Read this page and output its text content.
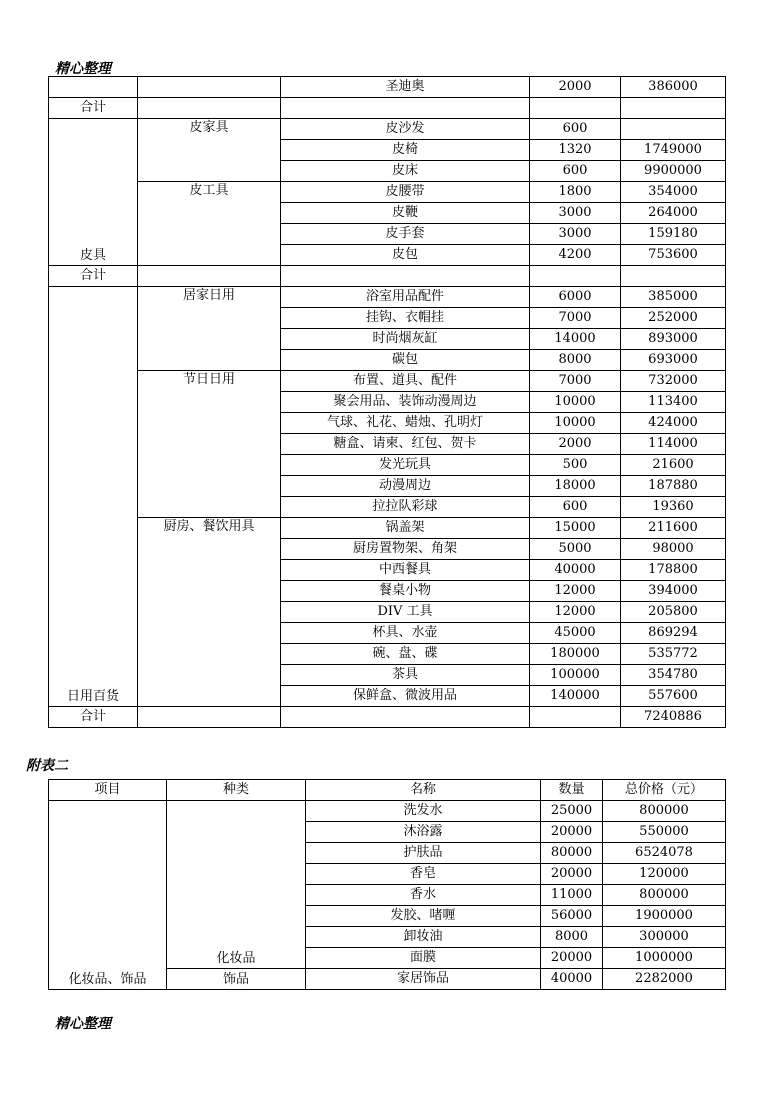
精心整理
		圣迪奥	2000	386000
合计				
皮具	皮家具	皮沙发	600	
		皮椅	1320	1749000
		皮床	600	9900000
	皮工具	皮腰带	1800	354000
		皮鞭	3000	264000
		皮手套	3000	159180
		皮包	4200	753600
合计				
日用百货	居家日用	浴室用品配件	6000	385000
		挂钩、衣帽挂	7000	252000
		时尚烟灰缸	14000	893000
		碳包	8000	693000
	节日日用	布置、道具、配件	7000	732000
		聚会用品、装饰动漫周边	10000	113400
		气球、礼花、蜡烛、孔明灯	10000	424000
		糖盒、请柬、红包、贺卡	2000	114000
		发光玩具	500	21600
		动漫周边	18000	187880
		拉拉队彩球	600	19360
	厨房、餐饮用具	锅盖架	15000	211600
		厨房置物架、角架	5000	98000
		中西餐具	40000	178800
		餐桌小物	12000	394000
		DIV 工具	12000	205800
		杯具、水壶	45000	869294
		碗、盘、碟	180000	535772
		茶具	100000	354780
		保鲜盒、微波用品	140000	557600
合计				7240886
附表二
项目	种类	名称	数量	总价格（元）
化妆品、饰品	化妆品	洗发水	25000	800000
		沐浴露	20000	550000
		护肤品	80000	6524078
		香皂	20000	120000
		香水	11000	800000
		发胶、啫喱	56000	1900000
		卸妆油	8000	300000
		面膜	20000	1000000
	饰品	家居饰品	40000	2282000
精心整理
